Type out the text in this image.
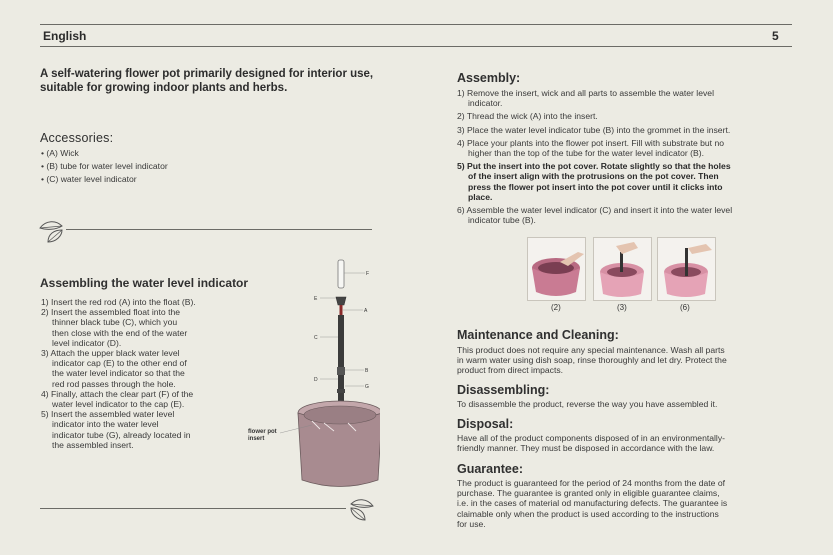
English	5
A self-watering flower pot primarily designed for interior use, suitable for growing indoor plants and herbs.
Accessories:
• (A) Wick
• (B) tube for water level indicator
• (C) water level indicator
Assembling the water level indicator
1) Insert the red rod (A) into the float (B).
2) Insert the assembled float into the
thinner black tube (C), which you
then close with the end of the water
level indicator (D).
3) Attach the upper black water level
indicator cap (E) to the other end of
the water level indicator so that the
red rod passes through the hole.
4) Finally, attach the clear part (F) of the
water level indicator to the cap (E).
5) Insert the assembled water level
indicator into the water level
indicator tube (G), already located in
the assembled insert.
F
E
A
C
B
D
G
flower pot
insert
Assembly:
1) Remove the insert, wick and all parts to assemble the water level
indicator.
2) Thread the wick (A) into the insert.
3) Place the water level indicator tube (B) into the grommet in the insert.
4) Place your plants into the flower pot insert. Fill with substrate but no
higher than the top of the tube for the water level indicator (B).
5) Put the insert into the pot cover. Rotate slightly so that the holes
of the insert align with the protrusions on the pot cover. Then
press the flower pot insert into the pot cover until it clicks into
place.
6) Assemble the water level indicator (C) and insert it into the water level
indicator tube (B).
(2)	(3)	(6)
Maintenance and Cleaning:
This product does not require any special maintenance. Wash all parts
in warm water using dish soap, rinse thoroughly and let dry. Protect the
product from direct impacts.
Disassembling:
To disassemble the product, reverse the way you have assembled it.
Disposal:
Have all of the product components disposed of in an environmentally-
friendly manner. They must be disposed in accordance with the law.
Guarantee:
The product is guaranteed for the period of 24 months from the date of
purchase. The guarantee is granted only in eligible guarantee claims,
i.e. in the cases of material od manufacturing defects. The guarantee is
claimable only when the product is used according to the instructions
for use.
